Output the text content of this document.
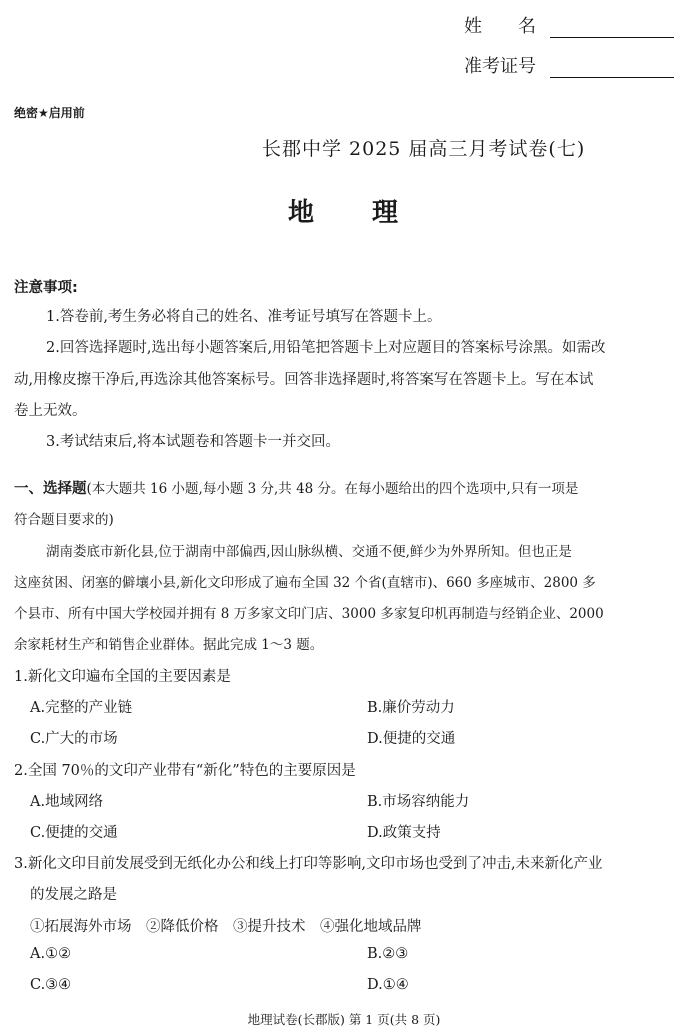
姓　　名
准考证号
绝密★启用前
长郡中学 2025 届高三月考试卷(七)
地　　理
注意事项:
1.答卷前,考生务必将自己的姓名、准考证号填写在答题卡上。
2.回答选择题时,选出每小题答案后,用铅笔把答题卡上对应题目的答案标号涂黑。如需改
动,用橡皮擦干净后,再选涂其他答案标号。回答非选择题时,将答案写在答题卡上。写在本试
卷上无效。
3.考试结束后,将本试题卷和答题卡一并交回。
一、选择题(本大题共 16 小题,每小题 3 分,共 48 分。在每小题给出的四个选项中,只有一项是
符合题目要求的)
湖南娄底市新化县,位于湖南中部偏西,因山脉纵横、交通不便,鲜少为外界所知。但也正是
这座贫困、闭塞的僻壤小县,新化文印形成了遍布全国 32 个省(直辖市)、660 多座城市、2800 多
个县市、所有中国大学校园并拥有 8 万多家文印门店、3000 多家复印机再制造与经销企业、2000
余家耗材生产和销售企业群体。据此完成 1～3 题。
1.新化文印遍布全国的主要因素是
A.完整的产业链	B.廉价劳动力
C.广大的市场	D.便捷的交通
2.全国 70％的文印产业带有“新化”特色的主要原因是
A.地域网络	B.市场容纳能力
C.便捷的交通	D.政策支持
3.新化文印目前发展受到无纸化办公和线上打印等影响,文印市场也受到了冲击,未来新化产业
的发展之路是
①拓展海外市场　②降低价格　③提升技术　④强化地域品牌
A.①②	B.②③
C.③④	D.①④
地理试卷(长郡版) 第 1 页(共 8 页)
